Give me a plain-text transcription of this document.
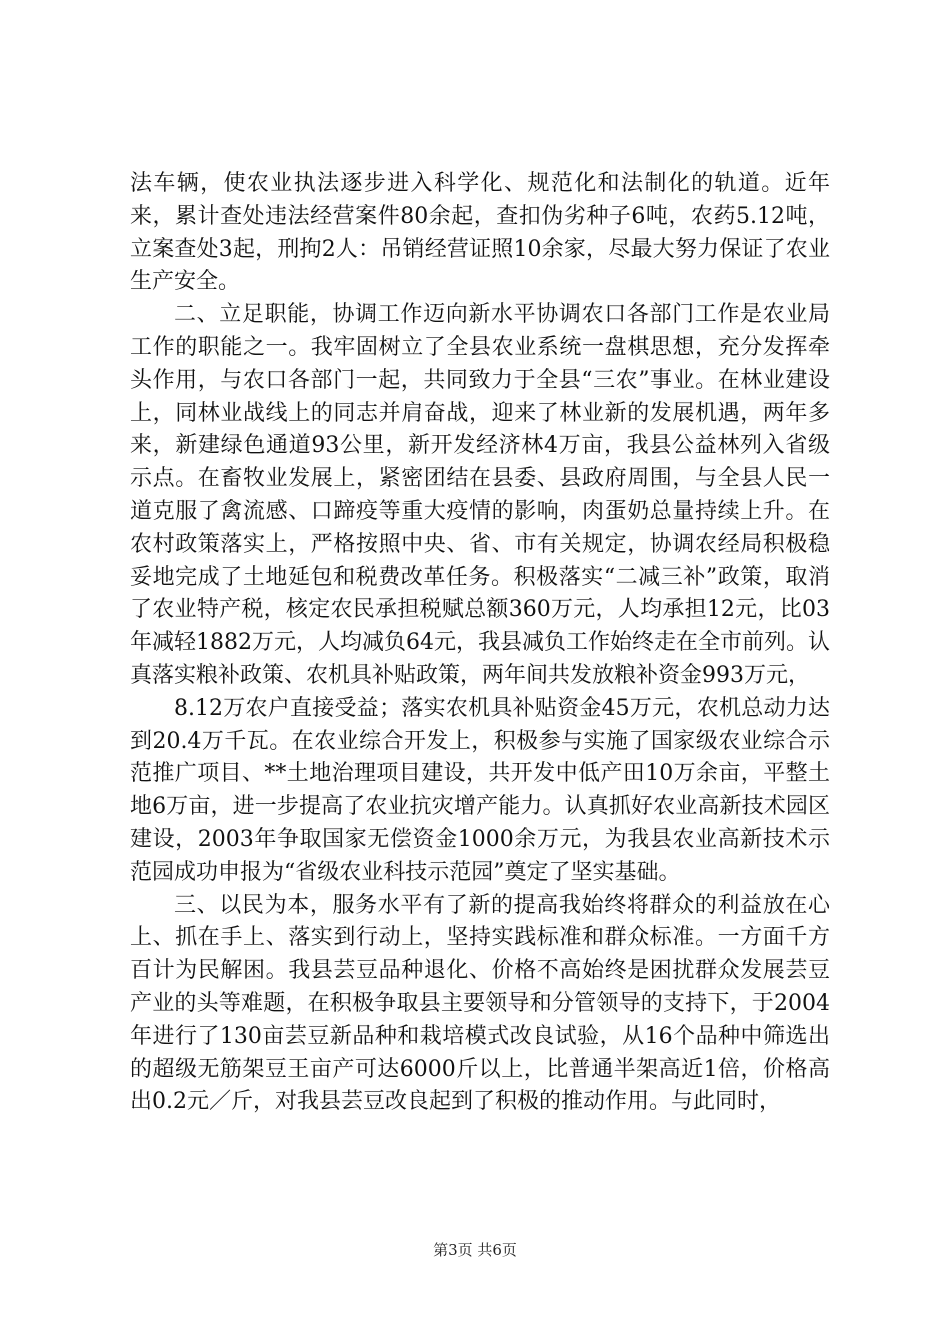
法车辆，使农业执法逐步进入科学化、规范化和法制化的轨道。近年来，累计查处违法经营案件80余起，查扣伪劣种子6吨，农药5.12吨，立案查处3起，刑拘2人：吊销经营证照10余家，尽最大努力保证了农业生产安全。

二、立足职能，协调工作迈向新水平协调农口各部门工作是农业局工作的职能之一。我牢固树立了全县农业系统一盘棋思想，充分发挥牵头作用，与农口各部门一起，共同致力于全县“三农”事业。在林业建设上，同林业战线上的同志并肩奋战，迎来了林业新的发展机遇，两年多来，新建绿色通道93公里，新开发经济林4万亩，我县公益林列入省级示点。在畜牧业发展上，紧密团结在县委、县政府周围，与全县人民一道克服了禽流感、口蹄疫等重大疫情的影响，肉蛋奶总量持续上升。在农村政策落实上，严格按照中央、省、市有关规定，协调农经局积极稳妥地完成了土地延包和税费改革任务。积极落实“二减三补”政策，取消了农业特产税，核定农民承担税赋总额360万元，人均承担12元，比03年减轻1882万元，人均减负64元，我县减负工作始终走在全市前列。认真落实粮补政策、农机具补贴政策，两年间共发放粮补资金993万元，

8.12万农户直接受益；落实农机具补贴资金45万元，农机总动力达到20.4万千瓦。在农业综合开发上，积极参与实施了国家级农业综合示范推广项目、**土地治理项目建设，共开发中低产田10万余亩，平整土地6万亩，进一步提高了农业抗灾增产能力。认真抓好农业高新技术园区建设，2003年争取国家无偿资金1000余万元，为我县农业高新技术示范园成功申报为“省级农业科技示范园”奠定了坚实基础。

三、以民为本，服务水平有了新的提高我始终将群众的利益放在心上、抓在手上、落实到行动上，坚持实践标准和群众标准。一方面千方百计为民解困。我县芸豆品种退化、价格不高始终是困扰群众发展芸豆产业的头等难题，在积极争取县主要领导和分管领导的支持下，于2004年进行了130亩芸豆新品种和栽培模式改良试验，从16个品种中筛选出的超级无筋架豆王亩产可达6000斤以上，比普通半架高近1倍，价格高出0.2元／斤，对我县芸豆改良起到了积极的推动作用。与此同时，

第3页 共6页
